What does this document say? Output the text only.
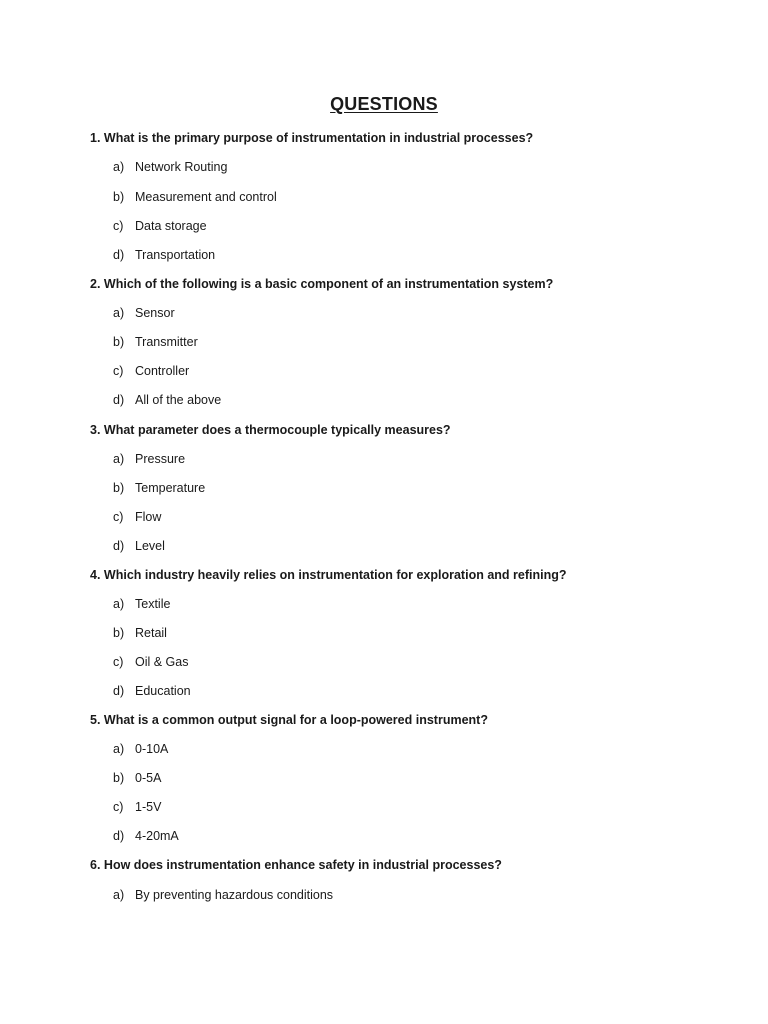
QUESTIONS
1. What is the primary purpose of instrumentation in industrial processes?
a) Network Routing
b) Measurement and control
c) Data storage
d) Transportation
2. Which of the following is a basic component of an instrumentation system?
a) Sensor
b) Transmitter
c) Controller
d) All of the above
3. What parameter does a thermocouple typically measures?
a) Pressure
b) Temperature
c) Flow
d) Level
4. Which industry heavily relies on instrumentation for exploration and refining?
a) Textile
b) Retail
c) Oil & Gas
d) Education
5. What is a common output signal for a loop-powered instrument?
a) 0-10A
b) 0-5A
c) 1-5V
d) 4-20mA
6. How does instrumentation enhance safety in industrial processes?
a) By preventing hazardous conditions
